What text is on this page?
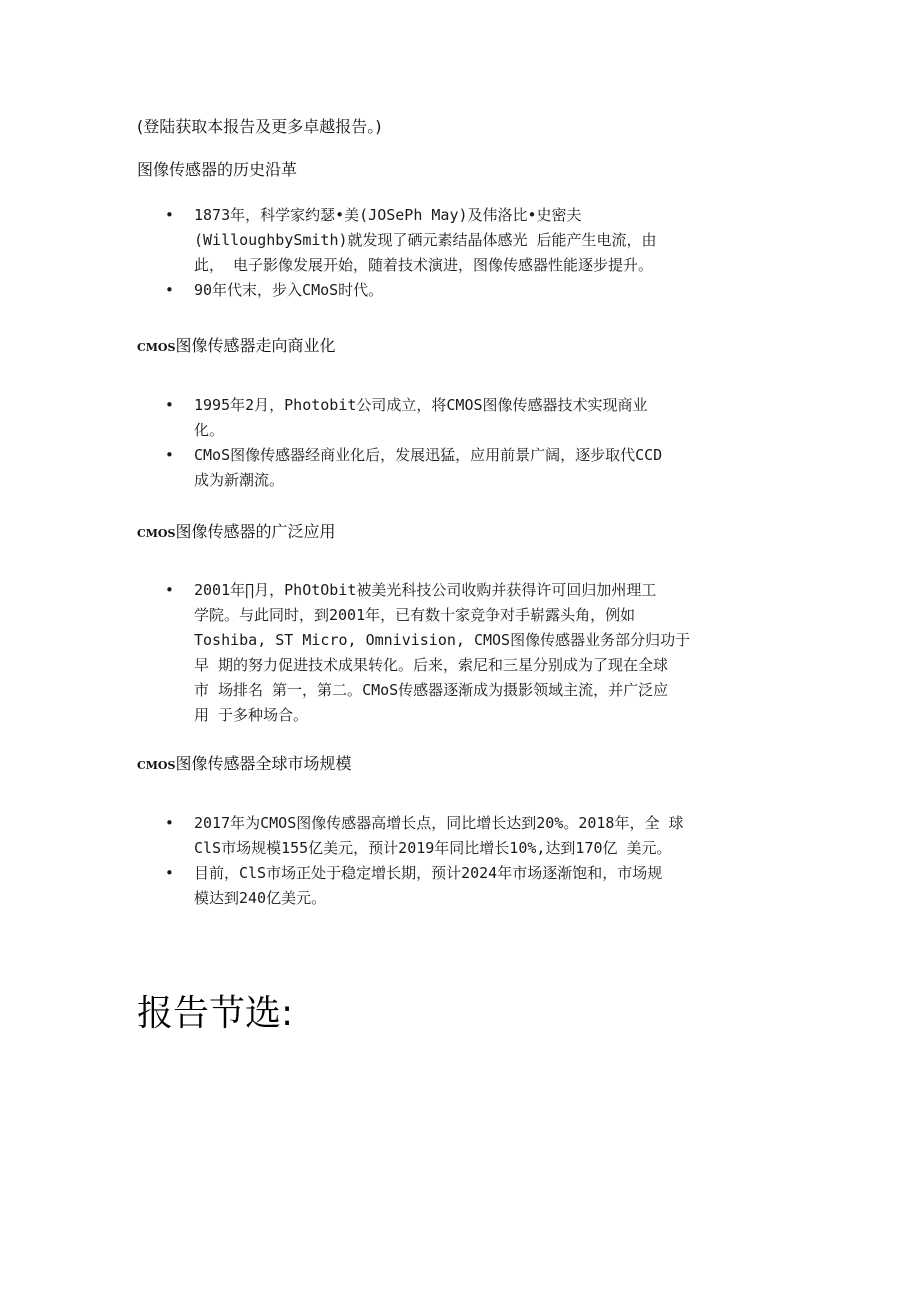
(登陆获取本报告及更多卓越报告。)
图像传感器的历史沿革
• 1873年，科学家约瑟•美(JOSePh May)及伟洛比•史密夫
(WilloughbySmith)就发现了硒元素结晶体感光 后能产生电流，由
此， 电子影像发展开始，随着技术演进，图像传感器性能逐步提升。
• 90年代末，步入CMoS时代。
CMOS图像传感器走向商业化
• 1995年2月，Photobit公司成立，将CMOS图像传感器技术实现商业
化。
• CMoS图像传感器经商业化后，发展迅猛，应用前景广阔，逐步取代CCD
成为新潮流。
CMOS图像传感器的广泛应用
• 2001年∏月，PhOtObit被美光科技公司收购并获得许可回归加州理工
学院。与此同时，到2001年，已有数十家竞争对手崭露头角，例如
Toshiba, ST Micro, Omnivision, CMOS图像传感器业务部分归功于
早 期的努力促进技术成果转化。后来，索尼和三星分别成为了现在全球
市 场排名 第一，第二。CMoS传感器逐渐成为摄影领域主流，并广泛应
用 于多种场合。
CMOS图像传感器全球市场规模
• 2017年为CMOS图像传感器高增长点，同比增长达到20%。2018年，全 球
ClS市场规模155亿美元，预计2019年同比增长10%,达到170亿 美元。
• 目前，ClS市场正处于稳定增长期，预计2024年市场逐渐饱和，市场规
模达到240亿美元。
报告节选:
